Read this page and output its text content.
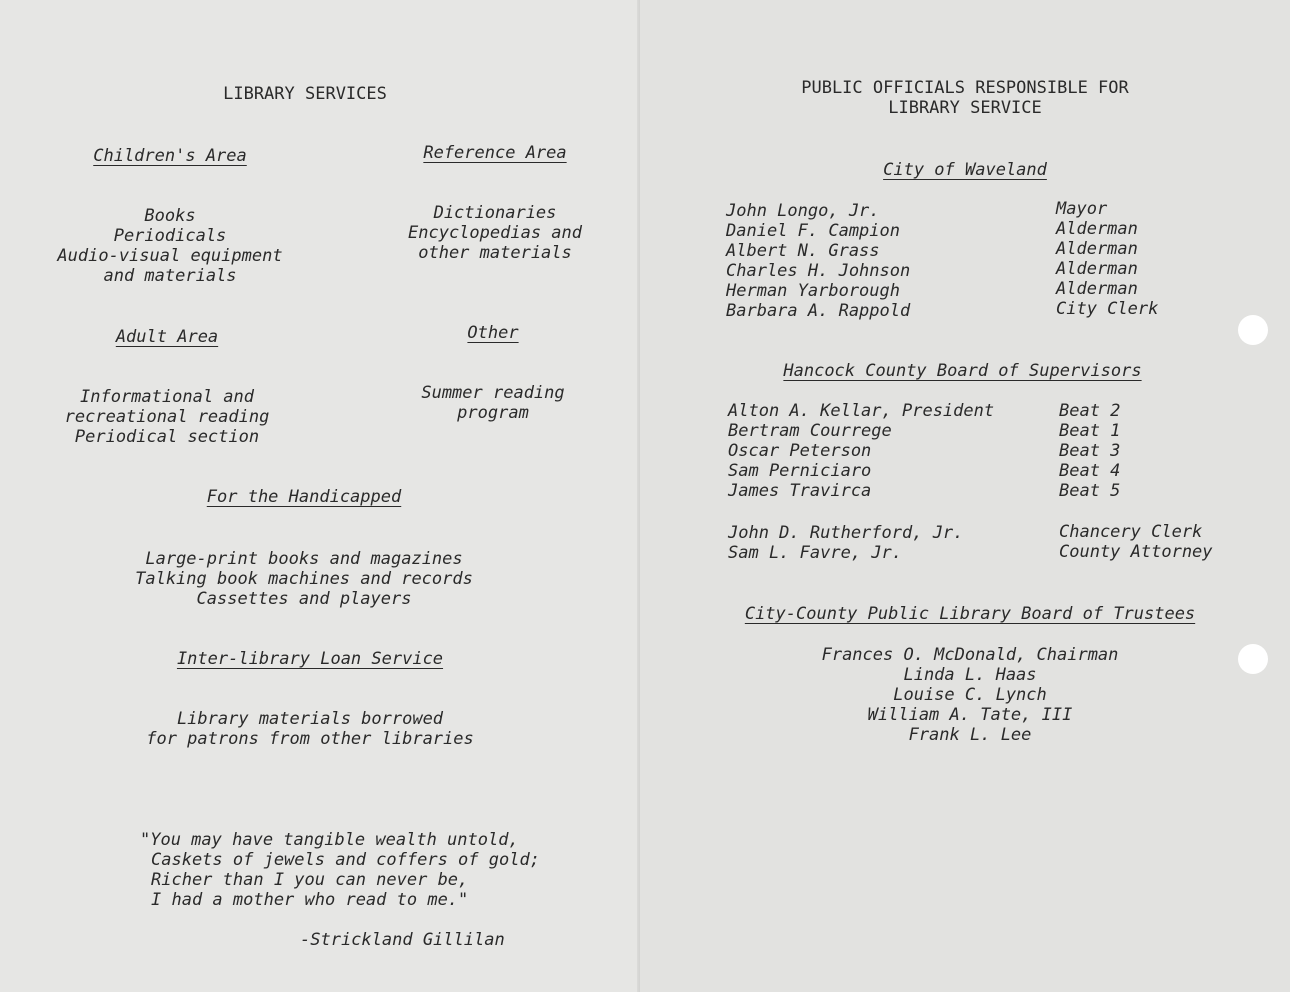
LIBRARY SERVICES
Children's Area
Books
Periodicals
Audio-visual equipment
and materials
Reference Area
Dictionaries
Encyclopedias and
other materials
Adult Area
Informational and
recreational reading
Periodical section
Other
Summer reading
program
For the Handicapped
Large-print books and magazines
Talking book machines and records
Cassettes and players
Inter-library Loan Service
Library materials borrowed
for patrons from other libraries
"You may have tangible wealth untold,
Caskets of jewels and coffers of gold;
Richer than I you can never be,
I had a mother who read to me."
-Strickland Gillilan
PUBLIC OFFICIALS RESPONSIBLE FOR
LIBRARY SERVICE
City of Waveland
John Longo, Jr.
Daniel F. Campion
Albert N. Grass
Charles H. Johnson
Herman Yarborough
Barbara A. Rappold
Mayor
Alderman
Alderman
Alderman
Alderman
City Clerk
Hancock County Board of Supervisors
Alton A. Kellar, President
Bertram Courrege
Oscar Peterson
Sam Perniciaro
James Travirca
Beat 2
Beat 1
Beat 3
Beat 4
Beat 5
John D. Rutherford, Jr.
Sam L. Favre, Jr.
Chancery Clerk
County Attorney
City-County Public Library Board of Trustees
Frances O. McDonald, Chairman
Linda L. Haas
Louise C. Lynch
William A. Tate, III
Frank L. Lee
